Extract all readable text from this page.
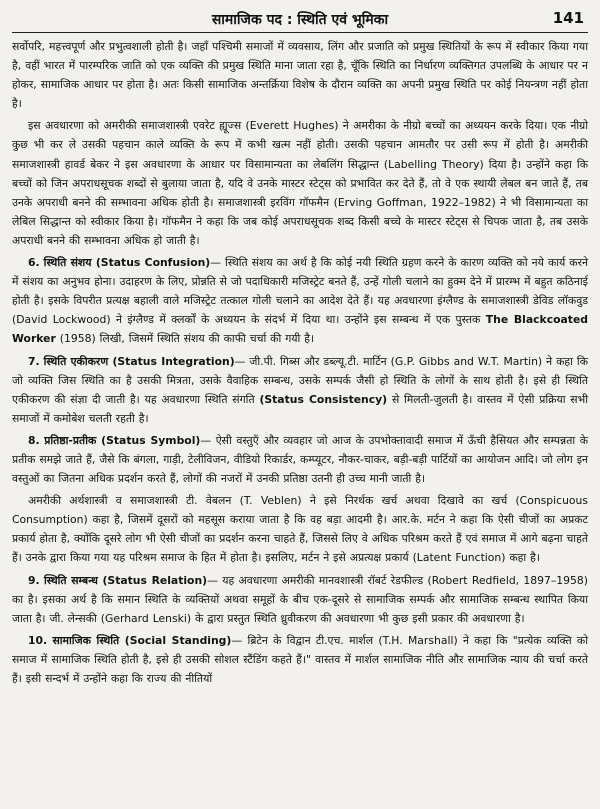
सामाजिक पद : स्थिति एवं भूमिका	141

सर्वोपरि, महत्त्वपूर्ण और प्रभुत्वशाली होती है। जहाँ पश्चिमी समाजों में व्यवसाय, लिंग और प्रजाति को प्रमुख स्थितियों के रूप में स्वीकार किया गया है, वहीं भारत में पारम्परिक जाति को एक व्यक्ति की प्रमुख स्थिति माना जाता रहा है, चूँकि स्थिति का निर्धारण व्यक्तिगत उपलब्धि के आधार पर न होकर, सामाजिक आधार पर होता है। अतः किसी सामाजिक अन्तर्क्रिया विशेष के दौरान व्यक्ति का अपनी प्रमुख स्थिति पर कोई नियन्त्रण नहीं होता है।

इस अवधारणा को अमरीकी समाजशास्त्री एवरेट ह्यूज्स (Everett Hughes) ने अमरीका के नीग्रो बच्चों का अध्ययन करके दिया। एक नीग्रो कुछ भी कर ले उसकी पहचान काले व्यक्ति के रूप में कभी खत्म नहीं होती। उसकी पहचान आमतौर पर उसी रूप में होती है। अमरीकी समाजशास्त्री हावर्ड बेकर ने इस अवधारणा के आधार पर विसामान्यता का लेबलिंग सिद्धान्त (Labelling Theory) दिया है। उन्होंने कहा कि बच्चों को जिन अपराधसूचक शब्दों से बुलाया जाता है, यदि वे उनके मास्टर स्टेट्स को प्रभावित कर देते हैं, तो वे एक स्थायी लेबल बन जाते हैं, तब उनके अपराधी बनने की सम्भावना अधिक होती है। समाजशास्त्री इरविंग गॉफमैन (Erving Goffman, 1922–1982) ने भी विसामान्यता का लेबिल सिद्धान्त को स्वीकार किया है। गॉफमैन ने कहा कि जब कोई अपराधसूचक शब्द किसी बच्चे के मास्टर स्टेट्स से चिपक जाता है, तब उसके अपराधी बनने की सम्भावना अधिक हो जाती है।

6. स्थिति संशय (Status Confusion)— स्थिति संशय का अर्थ है कि कोई नयी स्थिति ग्रहण करने के कारण व्यक्ति को नये कार्य करने में संशय का अनुभव होना। उदाहरण के लिए, प्रोन्नति से जो पदाधिकारी मजिस्ट्रेट बनते हैं, उन्हें गोली चलाने का हुक्म देने में प्रारम्भ में बहुत कठिनाई होती है। इसके विपरीत प्रत्यक्ष बहाली वाले मजिस्ट्रेट तत्काल गोली चलाने का आदेश देते हैं। यह अवधारणा इंग्लैण्ड के समाजशास्त्री डेविड लॉकवुड (David Lockwood) ने इंग्लैण्ड में क्लर्कों के अध्ययन के संदर्भ में दिया था। उन्होंने इस सम्बन्ध में एक पुस्तक The Blackcoated Worker (1958) लिखी, जिसमें स्थिति संशय की काफी चर्चा की गयी है।

7. स्थिति एकीकरण (Status Integration)— जी.पी. गिब्स और डब्ल्यू.टी. मार्टिन (G.P. Gibbs and W.T. Martin) ने कहा कि जो व्यक्ति जिस स्थिति का है उसकी मित्रता, उसके वैवाहिक सम्बन्ध, उसके सम्पर्क जैसी हो स्थिति के लोगों के साथ होती है। इसे ही स्थिति एकीकरण की संज्ञा दी जाती है। यह अवधारणा स्थिति संगति (Status Consistency) से मिलती-जुलती है। वास्तव में ऐसी प्रक्रिया सभी समाजों में कमोबेश चलती रहती है।

8. प्रतिष्ठा-प्रतीक (Status Symbol)— ऐसी वस्तुएँ और व्यवहार जो आज के उपभोक्तावादी समाज में ऊँची हैसियत और सम्पन्नता के प्रतीक समझे जाते हैं, जैसे कि बंगला, गाड़ी, टेलीविजन, वीडियो रिकार्डर, कम्प्यूटर, नौकर-चाकर, बड़ी-बड़ी पार्टियों का आयोजन आदि। जो लोग इन वस्तुओं का जितना अधिक प्रदर्शन करते हैं, लोगों की नजरों में उनकी प्रतिष्ठा उतनी ही उच्च मानी जाती है।

अमरीकी अर्थशास्त्री व समाजशास्त्री टी. वेबलन (T. Veblen) ने इसे निरर्थक खर्च अथवा दिखावे का खर्च (Conspicuous Consumption) कहा है, जिसमें दूसरों को महसूस कराया जाता है कि वह बड़ा आदमी है। आर.के. मर्टन ने कहा कि ऐसी चीजों का अप्रकट प्रकार्य होता है, क्योंकि दूसरे लोग भी ऐसी चीजों का प्रदर्शन करना चाहते हैं, जिससे लिए वे अधिक परिश्रम करते हैं एवं समाज में आगे बढ़ना चाहते हैं। उनके द्वारा किया गया यह परिश्रम समाज के हित में होता है। इसलिए, मर्टन ने इसे अप्रत्यक्ष प्रकार्य (Latent Function) कहा है।

9. स्थिति सम्बन्ध (Status Relation)— यह अवधारणा अमरीकी मानवशास्त्री रॉबर्ट रेडफील्ड (Robert Redfield, 1897–1958) का है। इसका अर्थ है कि समान स्थिति के व्यक्तियों अथवा समूहों के बीच एक-दूसरे से सामाजिक सम्पर्क और सामाजिक सम्बन्ध स्थापित किया जाता है। जी. लेन्सकी (Gerhard Lenski) के द्वारा प्रस्तुत स्थिति ध्रुवीकरण की अवधारणा भी कुछ इसी प्रकार की अवधारणा है।

10. सामाजिक स्थिति (Social Standing)— ब्रिटेन के विद्वान टी.एच. मार्शल (T.H. Marshall) ने कहा कि "प्रत्येक व्यक्ति को समाज में सामाजिक स्थिति होती है, इसे ही उसकी सोशल स्टैंडिंग कहते हैं।" वास्तव में मार्शल सामाजिक नीति और सामाजिक न्याय की चर्चा करते हैं। इसी सन्दर्भ में उन्होंने कहा कि राज्य की नीतियों
